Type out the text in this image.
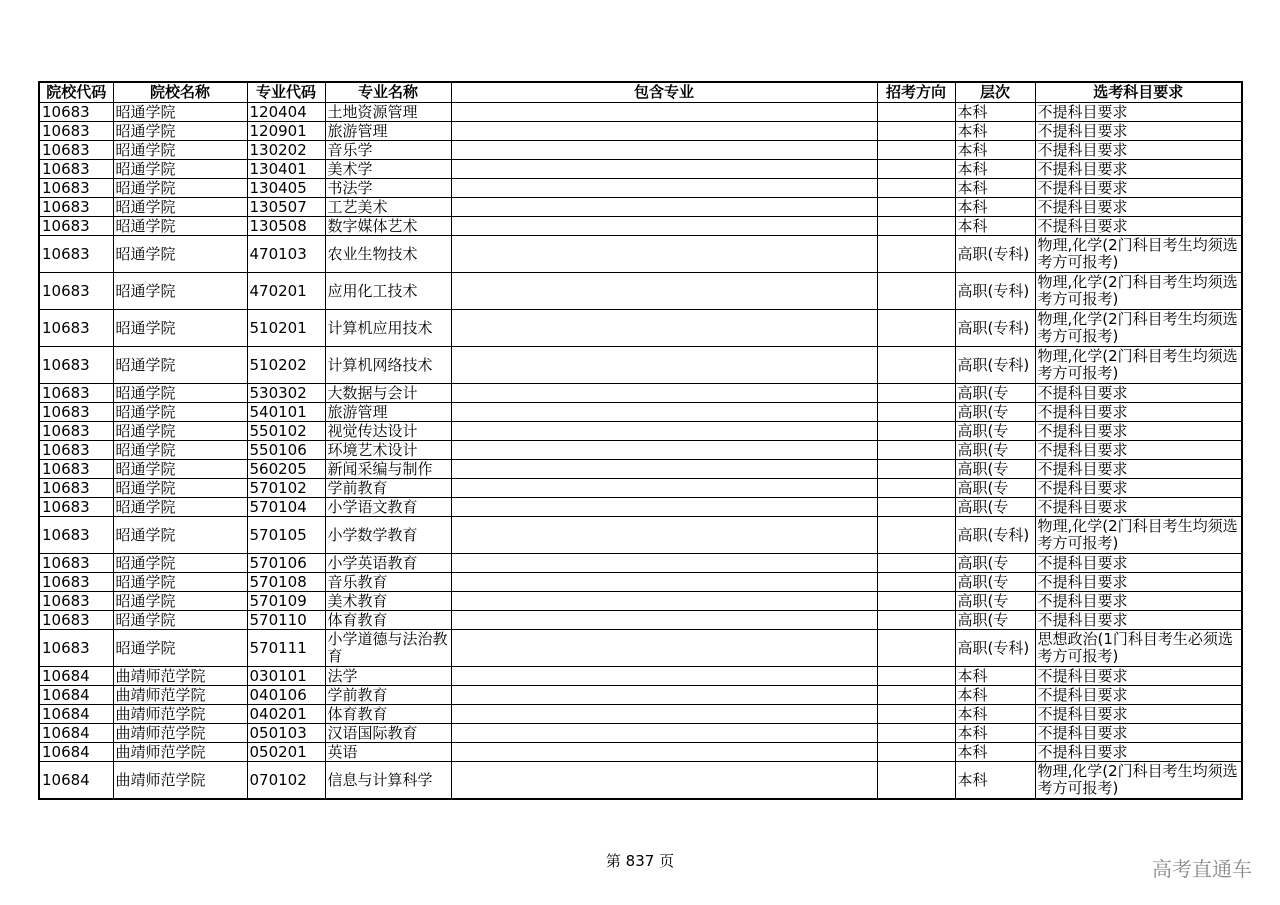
院校代码	院校名称	专业代码	专业名称	包含专业	招考方向	层次	选考科目要求
10683	昭通学院	120404	土地资源管理			本科	不提科目要求
10683	昭通学院	120901	旅游管理			本科	不提科目要求
10683	昭通学院	130202	音乐学			本科	不提科目要求
10683	昭通学院	130401	美术学			本科	不提科目要求
10683	昭通学院	130405	书法学			本科	不提科目要求
10683	昭通学院	130507	工艺美术			本科	不提科目要求
10683	昭通学院	130508	数字媒体艺术			本科	不提科目要求
10683	昭通学院	470103	农业生物技术			高职(专科)	物理,化学(2门科目考生均须选考方可报考)
10683	昭通学院	470201	应用化工技术			高职(专科)	物理,化学(2门科目考生均须选考方可报考)
10683	昭通学院	510201	计算机应用技术			高职(专科)	物理,化学(2门科目考生均须选考方可报考)
10683	昭通学院	510202	计算机网络技术			高职(专科)	物理,化学(2门科目考生均须选考方可报考)
10683	昭通学院	530302	大数据与会计			高职(专	不提科目要求
10683	昭通学院	540101	旅游管理			高职(专	不提科目要求
10683	昭通学院	550102	视觉传达设计			高职(专	不提科目要求
10683	昭通学院	550106	环境艺术设计			高职(专	不提科目要求
10683	昭通学院	560205	新闻采编与制作			高职(专	不提科目要求
10683	昭通学院	570102	学前教育			高职(专	不提科目要求
10683	昭通学院	570104	小学语文教育			高职(专	不提科目要求
10683	昭通学院	570105	小学数学教育			高职(专科)	物理,化学(2门科目考生均须选考方可报考)
10683	昭通学院	570106	小学英语教育			高职(专	不提科目要求
10683	昭通学院	570108	音乐教育			高职(专	不提科目要求
10683	昭通学院	570109	美术教育			高职(专	不提科目要求
10683	昭通学院	570110	体育教育			高职(专	不提科目要求
10683	昭通学院	570111	小学道德与法治教育			高职(专科)	思想政治(1门科目考生必须选考方可报考)
10684	曲靖师范学院	030101	法学			本科	不提科目要求
10684	曲靖师范学院	040106	学前教育			本科	不提科目要求
10684	曲靖师范学院	040201	体育教育			本科	不提科目要求
10684	曲靖师范学院	050103	汉语国际教育			本科	不提科目要求
10684	曲靖师范学院	050201	英语			本科	不提科目要求
10684	曲靖师范学院	070102	信息与计算科学			本科	物理,化学(2门科目考生均须选考方可报考)
第 837 页	高考直通车
